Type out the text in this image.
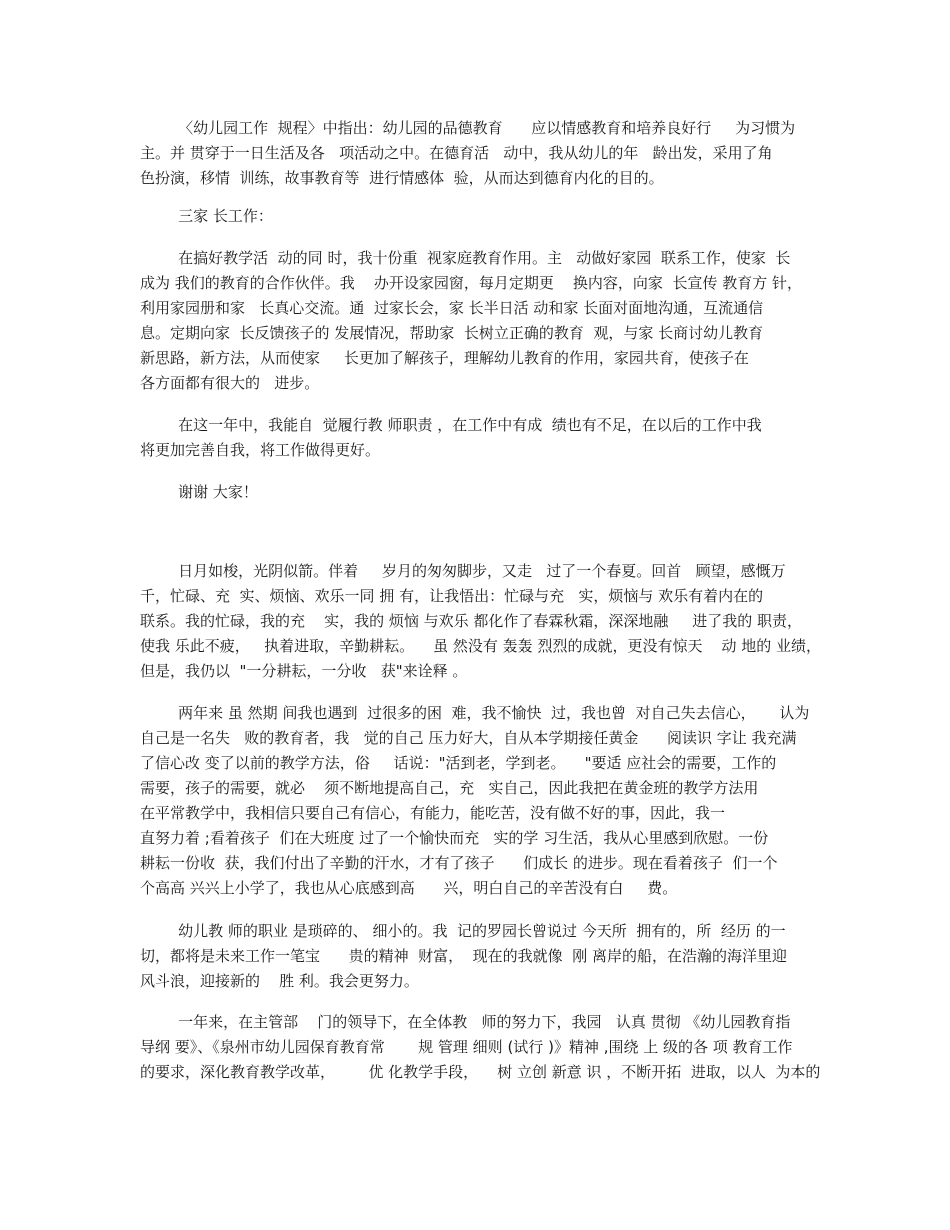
〈幼儿园工作  规程〉中指出：幼儿园的品德教育      应以情感教育和培养良好行     为习惯为
主。并 贯穿于一日生活及各   项活动之中。在德育活   动中，我从幼儿的年   龄出发，采用了角
色扮演，移情  训练，故事教育等  进行情感体  验，从而达到德育内化的目的。
三家 长工作：
在搞好教学活  动的同 时，我十份重  视家庭教育作用。主   动做好家园  联系工作，使家  长
成为 我们的教育的合作伙伴。我    办开设家园窗，每月定期更    换内容，向家  长宣传 教育方 针，
利用家园册和家   长真心交流。通  过家长会，家 长半日活 动和家 长面对面地沟通，互流通信
息。定期向家  长反馈孩子的 发展情况，帮助家  长树立正确的教育  观，与家 长商讨幼儿教育
新思路，新方法，从而使家     长更加了解孩子，理解幼儿教育的作用，家园共育，使孩子在
各方面都有很大的   进步。
在这一年中，我能自  觉履行教 师职责 ，在工作中有成  绩也有不足，在以后的工作中我
将更加完善自我，将工作做得更好。
谢谢 大家！
日月如梭，光阴似箭。伴着     岁月的匆匆脚步，又走   过了一个春夏。回首   顾望，感慨万
千，忙碌、充  实、烦恼、欢乐一同 拥 有，让我悟出：忙碌与充   实，烦恼与 欢乐有着内在的
联系。我的忙碌，我的充    实，我的 烦恼 与欢乐 都化作了春霖秋霜，深深地融     进了我的 职责，
使我 乐此不疲，   执着进取，辛勤耕耘。    虽 然没有 轰轰 烈烈的成就，更没有惊天    动 地的 业绩，
但是，我仍以  "一分耕耘，一分收   获"来诠释 。
两年来 虽 然期 间我也遇到  过很多的困  难，我不愉快  过，我也曾  对自己失去信心，     认为
自己是一名失   败的教育者，我   觉的自己 压力好大，自从本学期接任黄金      阅读识 字让 我充满
了信心改 变了以前的教学方法，俗     话说："活到老，学到老。    "要适 应社会的需要，工作的
需要，孩子的需要，就必    须不断地提高自己，充   实自己，因此我把在黄金班的教学方法用
在平常教学中，我相信只要自己有信心，有能力，能吃苦，没有做不好的事，因此，我一
直努力着 ;看着孩子  们在大班度 过了一个愉快而充   实的学 习生活，我从心里感到欣慰。一份
耕耘一份收  获，我们付出了辛勤的汗水，才有了孩子      们成长 的进步。现在看着孩子  们一个
个高高 兴兴上小学了，我也从心底感到高      兴，明白自己的辛苦没有白     费。
幼儿教 师的职业 是琐碎的、 细小的。我  记的罗园长曾说过 今天所  拥有的，所  经历 的一
切，都将是未来工作一笔宝      贵的精神  财富，  现在的我就像  刚 离岸的船，在浩瀚的海洋里迎
风斗浪，迎接新的    胜 利。我会更努力。
一年来，在主管部    门的领导下，在全体教   师的努力下，我园   认真 贯彻 《幼儿园教育指
导纲 要》、《泉州市幼儿园保育教育常       规 管理 细则 (试行 )》精神 ,围绕 上 级的各 项 教育工作
的要求，深化教育教学改革，       优 化教学手段，    树 立创 新意 识 ，不断开拓  进取，以人  为本的
